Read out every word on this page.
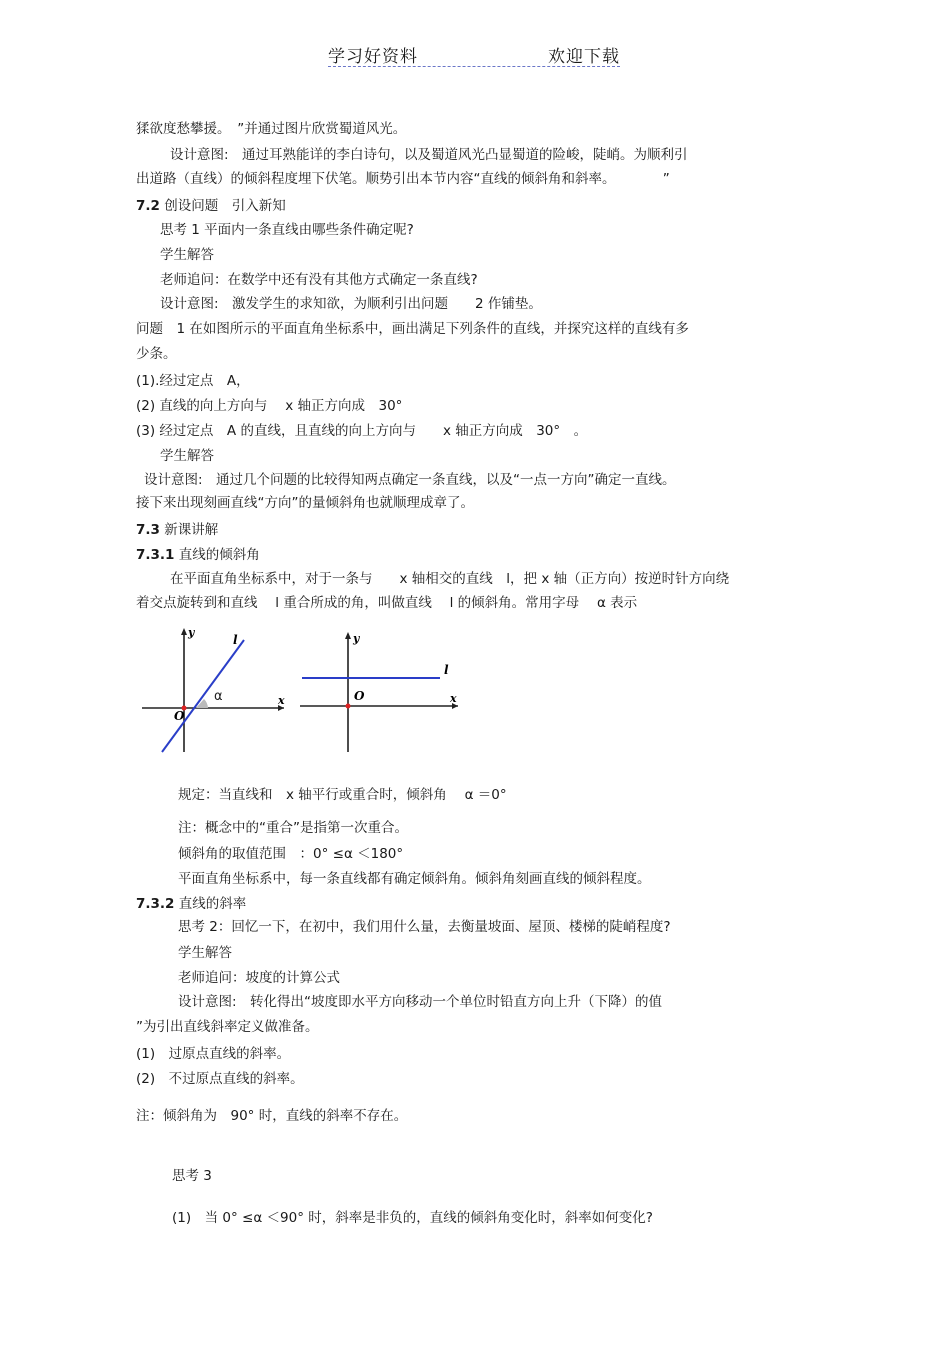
学习好资料	欢迎下载
猱欲度愁攀援。　”并通过图片欣赏蜀道风光。
设计意图:　通过耳熟能详的李白诗句，以及蜀道风光凸显蜀道的险峻，陡峭。为顺利引
出道路（直线）的倾斜程度埋下伏笔。顺势引出本节内容“直线的倾斜角和斜率。　　　　”
7.2 创设问题　引入新知
思考 1 平面内一条直线由哪些条件确定呢?
学生解答
老师追问：在数学中还有没有其他方式确定一条直线?
设计意图:　激发学生的求知欲，为顺利引出问题　　2 作铺垫。
问题　1 在如图所示的平面直角坐标系中，画出满足下列条件的直线，并探究这样的直线有多
少条。
(1).经过定点　A，
(2) 直线的向上方向与　 x 轴正方向成　30°
(3) 经过定点　A 的直线，且直线的向上方向与　　x 轴正方向成　30°　。
学生解答
设计意图:　通过几个问题的比较得知两点确定一条直线，以及“一点一方向”确定一直线。
接下来出现刻画直线“方向”的量倾斜角也就顺理成章了。
7.3 新课讲解
7.3.1 直线的倾斜角
在平面直角坐标系中，对于一条与　　x 轴相交的直线　l，把 x 轴（正方向）按逆时针方向绕
着交点旋转到和直线　 l 重合所成的角，叫做直线　 l 的倾斜角。常用字母　 α 表示
y
x
l
O
α
y
x
l
O
规定：当直线和　x 轴平行或重合时，倾斜角　 α ＝0°
注：概念中的“重合”是指第一次重合。
倾斜角的取值范围　：0° ≤α ＜180°
平面直角坐标系中，每一条直线都有确定倾斜角。倾斜角刻画直线的倾斜程度。
7.3.2 直线的斜率
思考 2：回忆一下，在初中，我们用什么量，去衡量坡面、屋顶、楼梯的陡峭程度?
学生解答
老师追问：坡度的计算公式
设计意图:　转化得出“坡度即水平方向移动一个单位时铅直方向上升（下降）的值
”为引出直线斜率定义做准备。
(1)　过原点直线的斜率。
(2)　不过原点直线的斜率。
注：倾斜角为　90° 时，直线的斜率不存在。
思考 3
(1)　当 0° ≤α ＜90° 时，斜率是非负的，直线的倾斜角变化时，斜率如何变化?
